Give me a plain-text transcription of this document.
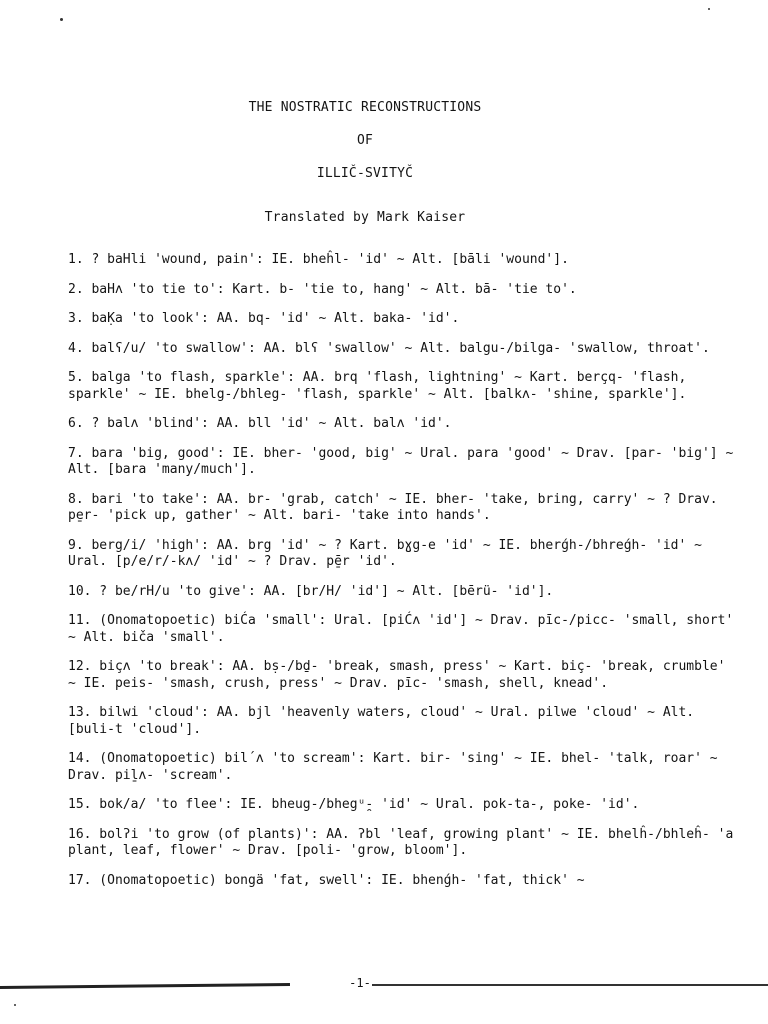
THE NOSTRATIC RECONSTRUCTIONS
OF
ILLIČ-SVITYČ
Translated by Mark Kaiser
1. ? baHli 'wound, pain': IE. bheĥl- 'id' ~ Alt. [bāli 'wound'].
2. baHʌ 'to tie to': Kart. b- 'tie to, hang' ~ Alt. bā- 'tie to'.
3. baḲa 'to look': AA. bq- 'id' ~ Alt. baka- 'id'.
4. balʕ/u/ 'to swallow': AA. blʕ 'swallow' ~ Alt. balgu-/bilga- 'swallow, throat'.
5. balga 'to flash, sparkle': AA. brq 'flash, lightning' ~ Kart. berçq- 'flash, sparkle' ~ IE. bhelg-/bhleg- 'flash, sparkle' ~ Alt. [balkʌ- 'shine, sparkle'].
6. ? balʌ 'blind': AA. bll 'id' ~ Alt. balʌ 'id'.
7. bara 'big, good': IE. bher- 'good, big' ~ Ural. para 'good' ~ Drav. [par- 'big'] ~ Alt. [bara 'many/much'].
8. bari 'to take': AA. br- 'grab, catch' ~ IE. bher- 'take, bring, carry' ~ ? Drav. pe̱r- 'pick up, gather' ~ Alt. bari- 'take into hands'.
9. berg/i/ 'high': AA. brg 'id' ~ ? Kart. bɣg-e 'id' ~ IE. bherǵh-/bhreǵh- 'id' ~ Ural. [p/e/r/-kʌ/ 'id' ~ ? Drav. pē̱r 'id'.
10. ? be/rH/u 'to give': AA. [br/H/ 'id'] ~ Alt. [bērü- 'id'].
11. (Onomatopoetic) biĆa 'small': Ural. [piĆʌ 'id'] ~ Drav. pīc-/picc- 'small, short' ~ Alt. biča 'small'.
12. biçʌ 'to break': AA. bṣ-/bḏ- 'break, smash, press' ~ Kart. biç- 'break, crumble' ~ IE. peis- 'smash, crush, press' ~ Drav. pīc- 'smash, shell, knead'.
13. bilwi 'cloud': AA. bjl 'heavenly waters, cloud' ~ Ural. pilwe 'cloud' ~ Alt. [buli-t 'cloud'].
14. (Onomatopoetic) bil´ʌ 'to scream': Kart. bir- 'sing' ~ IE. bhel- 'talk, roar' ~ Drav. piḻʌ- 'scream'.
15. bok/a/ 'to flee': IE. bheug-/bhegᵘ̯- 'id' ~ Ural. pok-ta-, poke- 'id'.
16. bolʔi 'to grow (of plants)': AA. ʔbl 'leaf, growing plant' ~ IE. bhelĥ-/bhleĥ- 'a plant, leaf, flower' ~ Drav. [poli- 'grow, bloom'].
17. (Onomatopoetic) bongä 'fat, swell': IE. bhenǵh- 'fat, thick' ~
-1-
